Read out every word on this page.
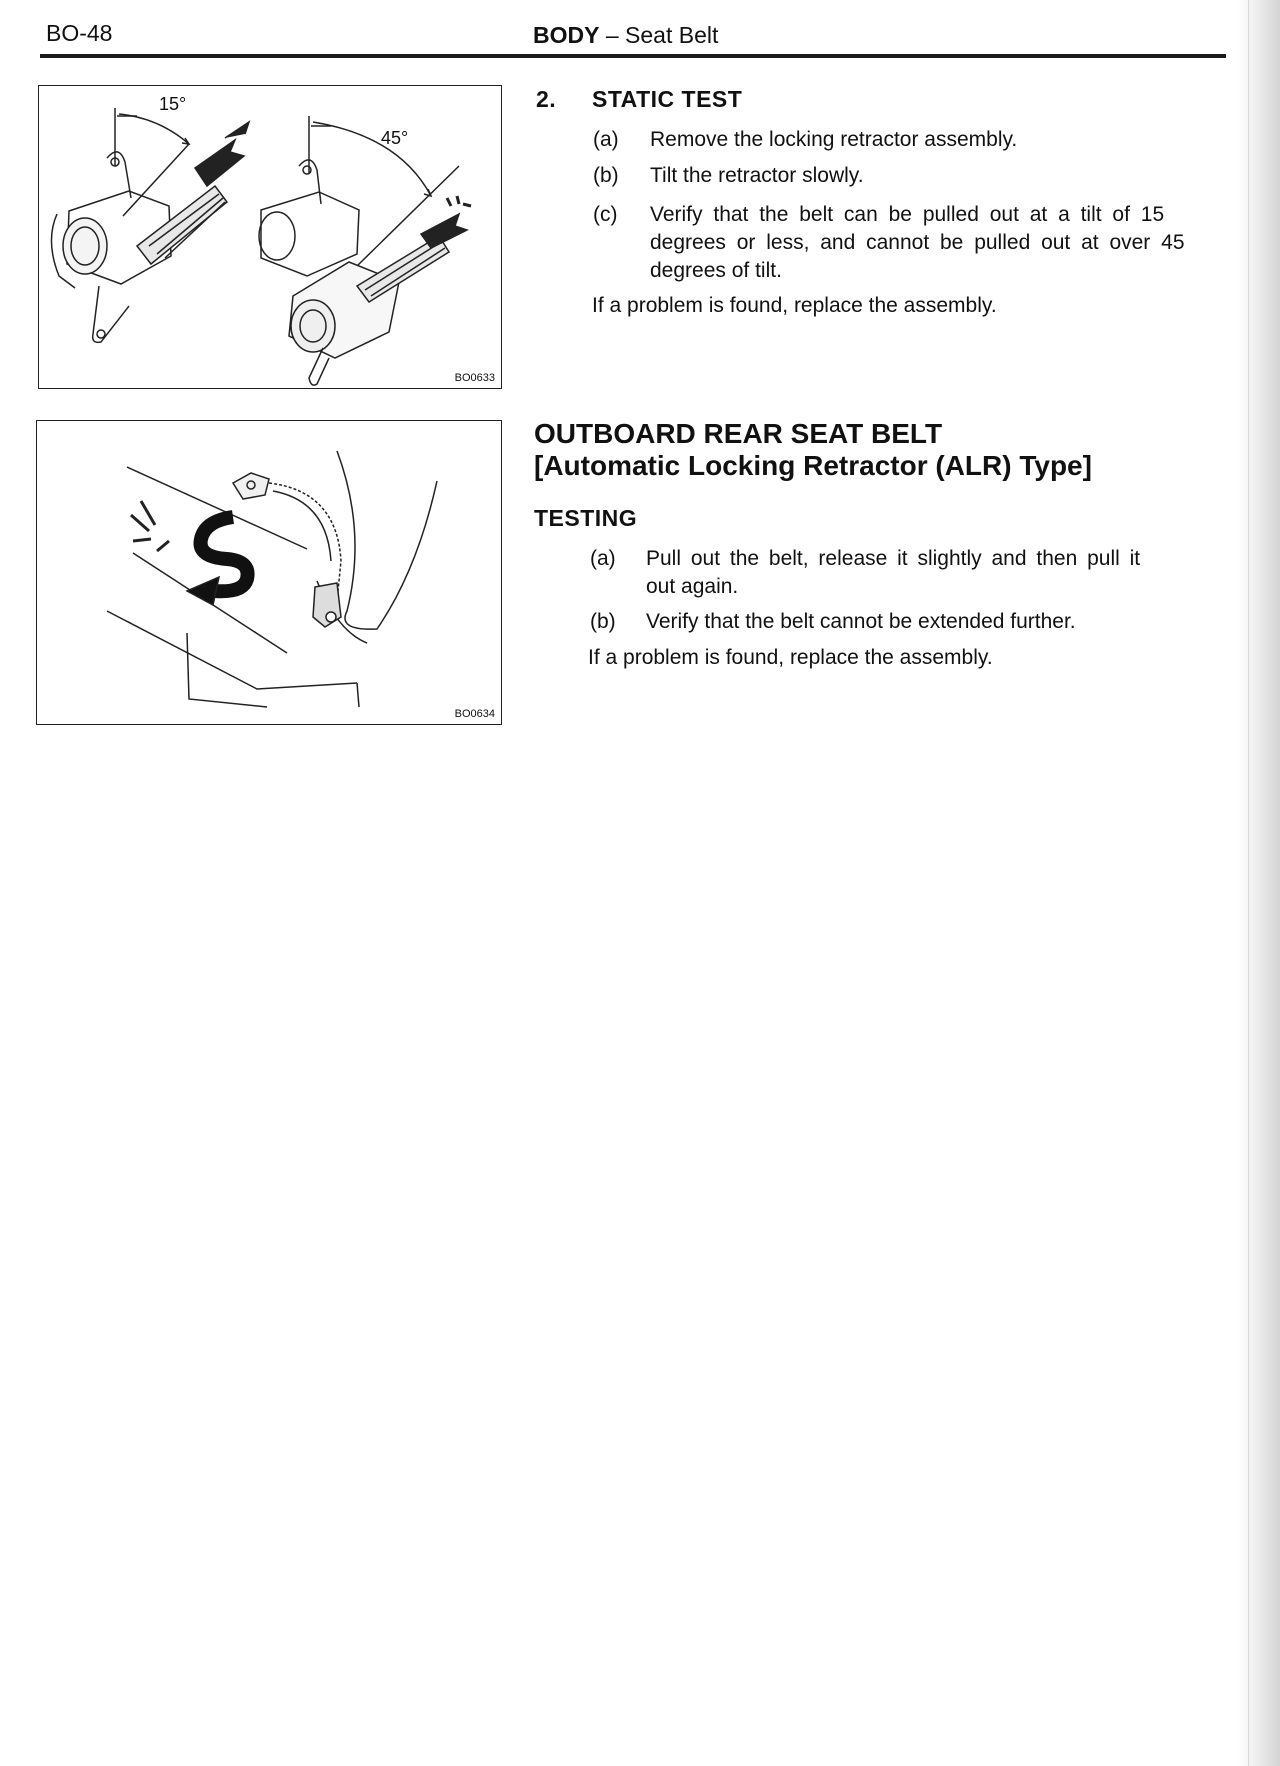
BO-48	BODY – Seat Belt
15°
45°
BO0633
BO0634
2. STATIC TEST
(a) Remove the locking retractor assembly.
(b) Tilt the retractor slowly.
(c) Verify that the belt can be pulled out at a tilt of 15
degrees or less, and cannot be pulled out at over 45
degrees of tilt.
If a problem is found, replace the assembly.
OUTBOARD REAR SEAT BELT
[Automatic Locking Retractor (ALR) Type]
TESTING
(a) Pull out the belt, release it slightly and then pull it
out again.
(b) Verify that the belt cannot be extended further.
If a problem is found, replace the assembly.
